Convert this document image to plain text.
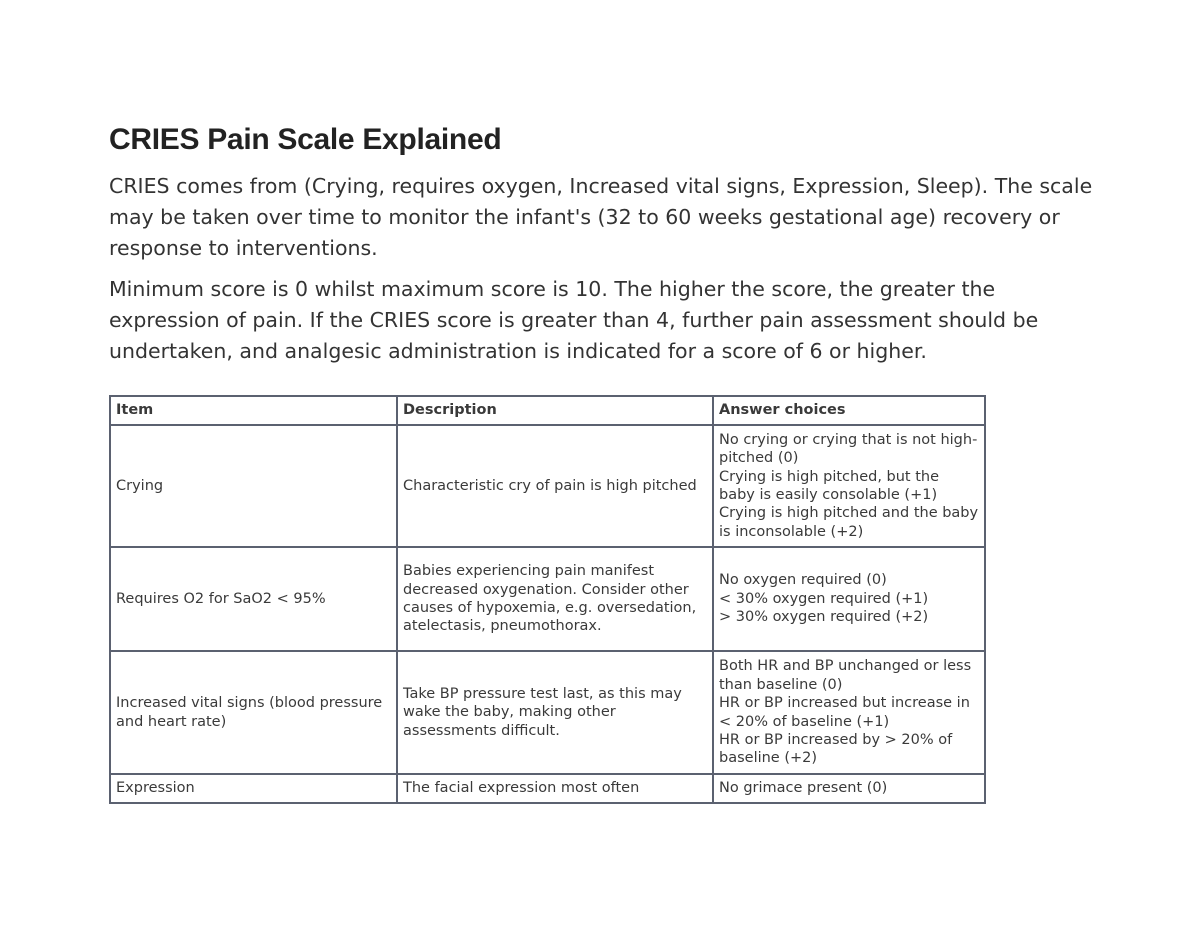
CRIES Pain Scale Explained

CRIES comes from (Crying, requires oxygen, Increased vital signs, Expression, Sleep). The scale may be taken over time to monitor the infant's (32 to 60 weeks gestational age) recovery or response to interventions.

Minimum score is 0 whilst maximum score is 10. The higher the score, the greater the expression of pain. If the CRIES score is greater than 4, further pain assessment should be undertaken, and analgesic administration is indicated for a score of 6 or higher.

Item	Description	Answer choices
Crying	Characteristic cry of pain is high pitched	No crying or crying that is not high-pitched (0)
Crying is high pitched, but the baby is easily consolable (+1)
Crying is high pitched and the baby is inconsolable (+2)

Requires O2 for SaO2 < 95%	Babies experiencing pain manifest decreased oxygenation. Consider other causes of hypoxemia, e.g. oversedation, atelectasis, pneumothorax.	No oxygen required (0)
< 30% oxygen required (+1)
> 30% oxygen required (+2)

Increased vital signs (blood pressure and heart rate)	Take BP pressure test last, as this may wake the baby, making other assessments difficult.	Both HR and BP unchanged or less than baseline (0)
HR or BP increased but increase in < 20% of baseline (+1)
HR or BP increased by > 20% of baseline (+2)

Expression	The facial expression most often	No grimace present (0)
